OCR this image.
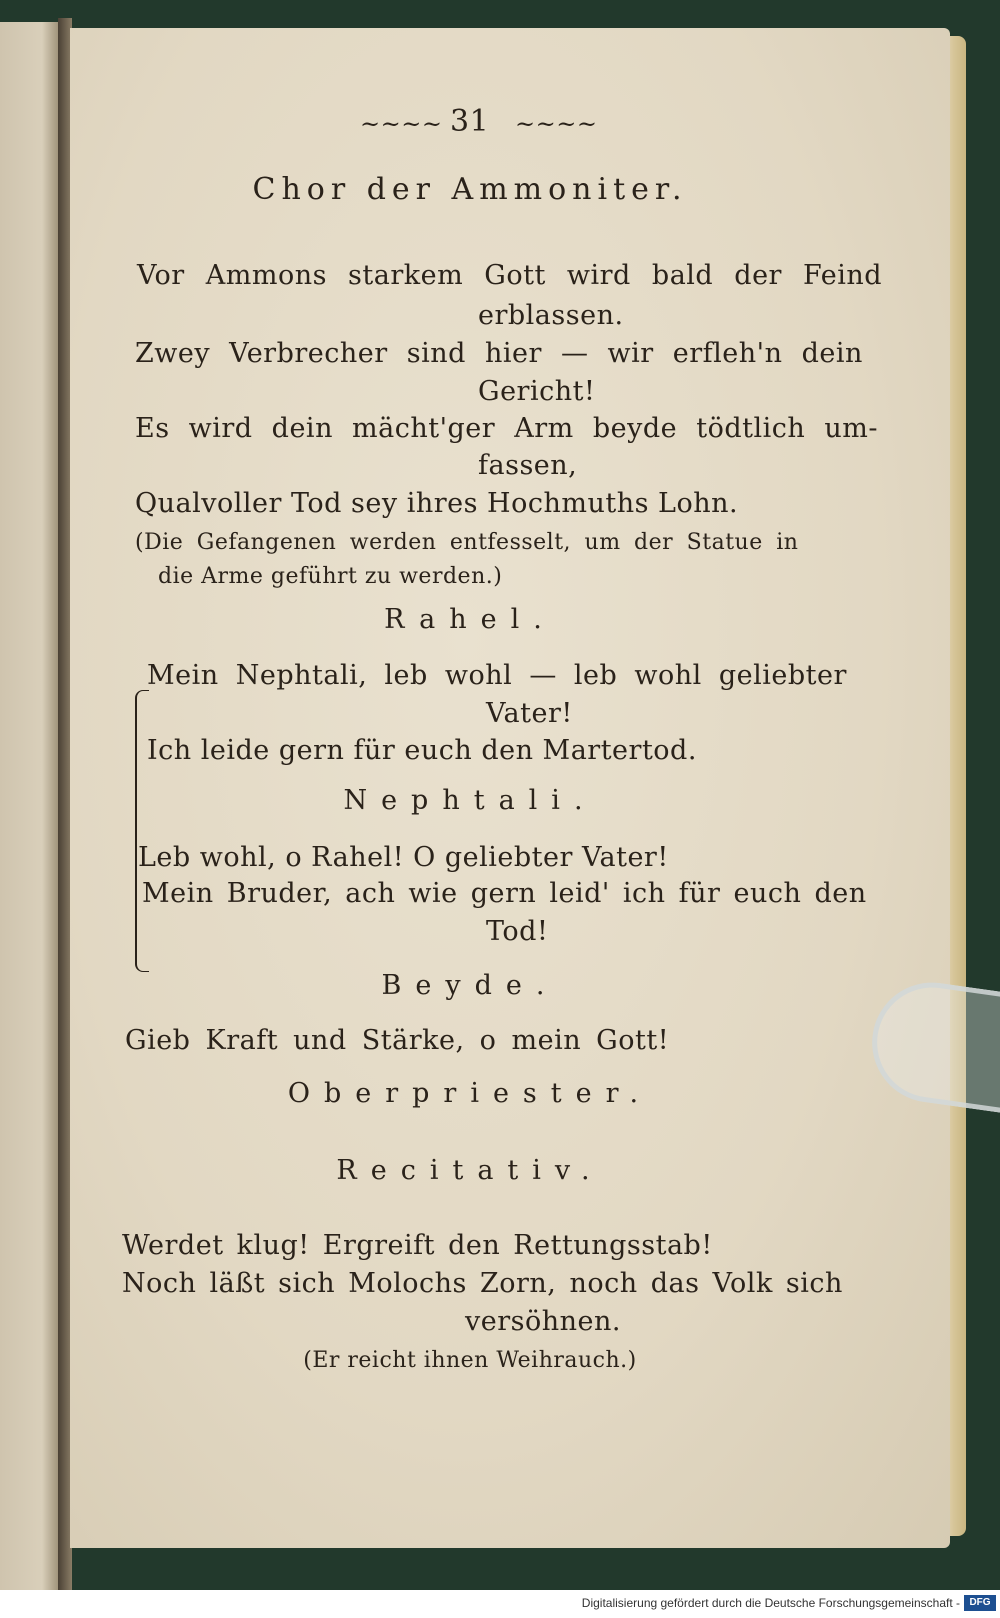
~~~~ 31 ~~~~
Chor der Ammoniter.
Vor Ammons starkem Gott wird bald der Feind
erblassen.
Zwey Verbrecher sind hier — wir erfleh'n dein
Gericht!
Es wird dein mächt'ger Arm beyde tödtlich um-
fassen,
Qualvoller Tod sey ihres Hochmuths Lohn.
(Die Gefangenen werden entfesselt, um der Statue in
die Arme geführt zu werden.)
Rahel.
Mein Nephtali, leb wohl — leb wohl geliebter
Vater!
Ich leide gern für euch den Martertod.
Nephtali.
Leb wohl, o Rahel! O geliebter Vater!
Mein Bruder, ach wie gern leid' ich für euch den
Tod!
Beyde.
Gieb Kraft und Stärke, o mein Gott!
Oberpriester.
Recitativ.
Werdet klug! Ergreift den Rettungsstab!
Noch läßt sich Molochs Zorn, noch das Volk sich
versöhnen.
(Er reicht ihnen Weihrauch.)
Digitalisierung gefördert durch die Deutsche Forschungsgemeinschaft - DFG
